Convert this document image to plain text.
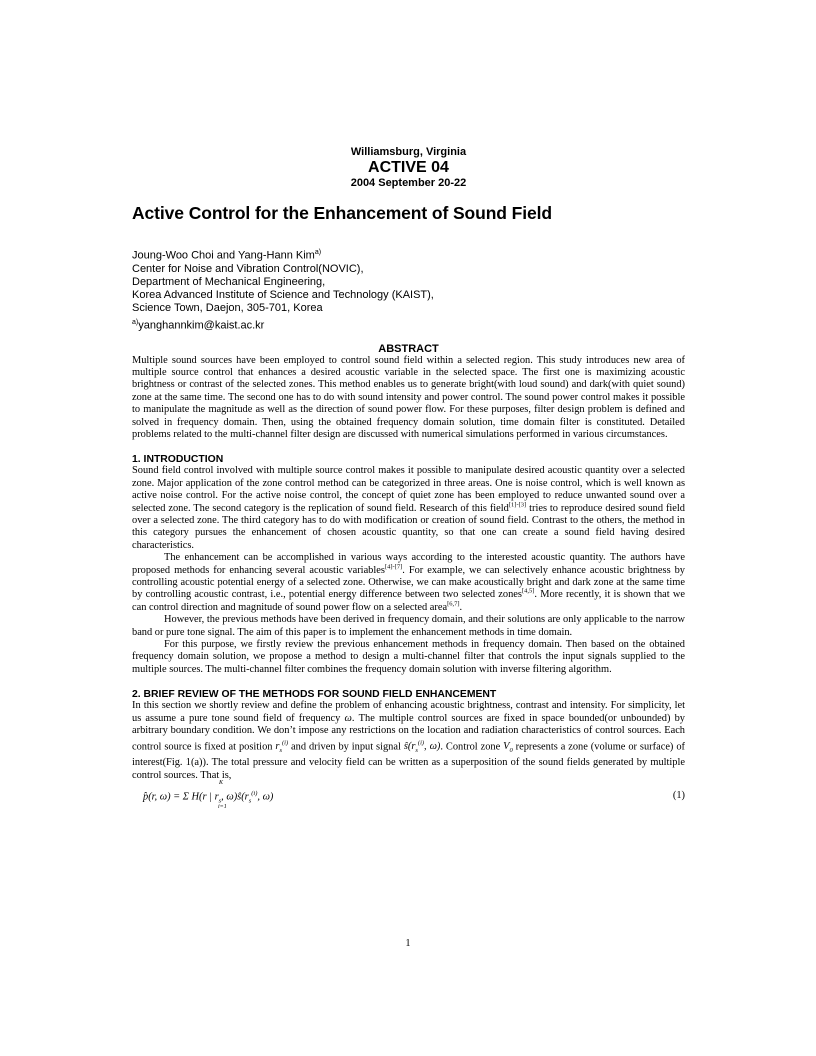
Williamsburg, Virginia
ACTIVE 04
2004 September 20-22
Active Control for the Enhancement of Sound Field
Joung-Woo Choi and Yang-Hann Kim$^{a)}$
Center for Noise and Vibration Control(NOVIC),
Department of Mechanical Engineering,
Korea Advanced Institute of Science and Technology (KAIST),
Science Town, Daejon, 305-701, Korea
$^{a)}$yanghannkim@kaist.ac.kr
ABSTRACT

Multiple sound sources have been employed to control sound field within a selected region. This study introduces new area of multiple source control that enhances a desired acoustic variable in the selected space. The first one is maximizing acoustic brightness or contrast of the selected zones. This method enables us to generate bright(with loud sound) and dark(with quiet sound) zone at the same time. The second one has to do with sound intensity and power control. The sound power control makes it possible to manipulate the magnitude as well as the direction of sound power flow. For these purposes, filter design problem is defined and solved in frequency domain. Then, using the obtained frequency domain solution, time domain filter is constituted. Detailed problems related to the multi-channel filter design are discussed with numerical simulations performed in various circumstances.

1. INTRODUCTION

Sound field control involved with multiple source control makes it possible to manipulate desired acoustic quantity over a selected zone. Major application of the zone control method can be categorized in three areas. One is noise control, which is well known as active noise control. For the active noise control, the concept of quiet zone has been employed to reduce unwanted sound over a selected zone. The second category is the replication of sound field. Research of this field[1]-[3] tries to reproduce desired sound field over a selected zone. The third category has to do with modification or creation of sound field. Contrast to the others, the method in this category pursues the enhancement of chosen acoustic quantity, so that one can create a sound field having desired characteristics.

The enhancement can be accomplished in various ways according to the interested acoustic quantity. The authors have proposed methods for enhancing several acoustic variables[4]-[7]. For example, we can selectively enhance acoustic brightness by controlling acoustic potential energy of a selected zone. Otherwise, we can make acoustically bright and dark zone at the same time by controlling acoustic contrast, i.e., potential energy difference between two selected zones[4,5]. More recently, it is shown that we can control direction and magnitude of sound power flow on a selected area[6,7].

However, the previous methods have been derived in frequency domain, and their solutions are only applicable to the narrow band or pure tone signal. The aim of this paper is to implement the enhancement methods in time domain.

For this purpose, we firstly review the previous enhancement methods in frequency domain. Then based on the obtained frequency domain solution, we propose a method to design a multi-channel filter that controls the input signals supplied to the multiple sources. The multi-channel filter combines the frequency domain solution with inverse filtering algorithm.

2. BRIEF REVIEW OF THE METHODS FOR SOUND FIELD ENHANCEMENT

In this section we shortly review and define the problem of enhancing acoustic brightness, contrast and intensity. For simplicity, let us assume a pure tone sound field of frequency ω. The multiple control sources are fixed in space bounded(or unbounded) by arbitrary boundary condition. We don’t impose any restrictions on the location and radiation characteristics of control sources. Each control source is fixed at position $r_s^{(i)}$ and driven by input signal $ŝ(r_s^{(i)}$, ω). Control zone $V_0$ represents a zone (volume or surface) of interest(Fig. 1(a)). The total pressure and velocity field can be written as a superposition of the sound fields generated by multiple control sources. That is,

K
p̂(r, ω) = Σ H(r | $r_s$, $\omega)ŝ(r_s^{(i)}$, ω)
i=1
(1)
1
